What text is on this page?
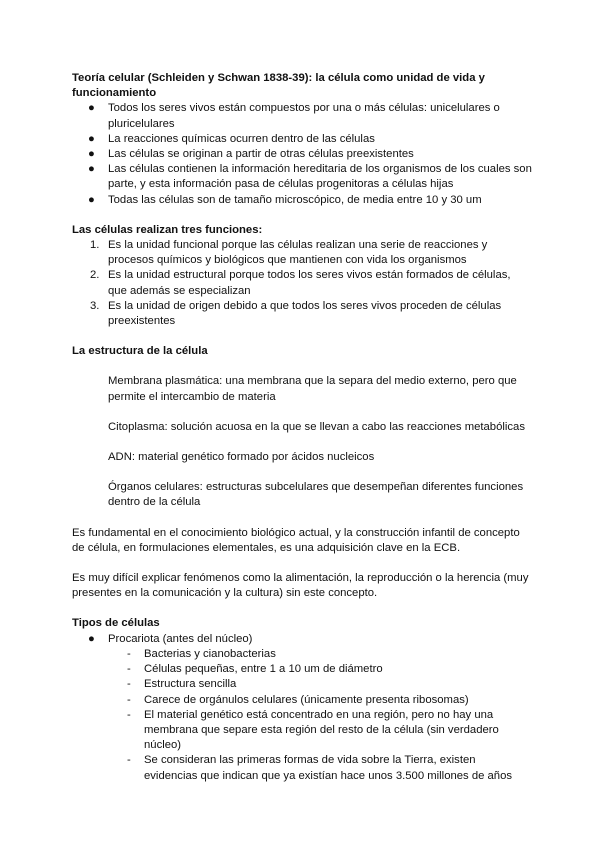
Teoría celular (Schleiden y Schwan 1838-39): la célula como unidad de vida y funcionamiento
● Todos los seres vivos están compuestos por una o más células: unicelulares o pluricelulares
● La reacciones químicas ocurren dentro de las células
● Las células se originan a partir de otras células preexistentes
● Las células contienen la información hereditaria de los organismos de los cuales son parte, y esta información pasa de células progenitoras a células hijas
● Todas las células son de tamaño microscópico, de media entre 10 y 30 um
Las células realizan tres funciones:
1. Es la unidad funcional porque las células realizan una serie de reacciones y procesos químicos y biológicos que mantienen con vida los organismos
2. Es la unidad estructural porque todos los seres vivos están formados de células, que además se especializan
3. Es la unidad de origen debido a que todos los seres vivos proceden de células preexistentes
La estructura de la célula

Membrana plasmática: una membrana que la separa del medio externo, pero que permite el intercambio de materia

Citoplasma: solución acuosa en la que se llevan a cabo las reacciones metabólicas

ADN: material genético formado por ácidos nucleicos

Órganos celulares: estructuras subcelulares que desempeñan diferentes funciones dentro de la célula

Es fundamental en el conocimiento biológico actual, y la construcción infantil de concepto de célula, en formulaciones elementales, es una adquisición clave en la ECB.

Es muy difícil explicar fenómenos como la alimentación, la reproducción o la herencia (muy presentes en la comunicación y la cultura) sin este concepto.

Tipos de células
● Procariota (antes del núcleo)
- Bacterias y cianobacterias
- Células pequeñas, entre 1 a 10 um de diámetro
- Estructura sencilla
- Carece de orgánulos celulares (únicamente presenta ribosomas)
- El material genético está concentrado en una región, pero no hay una membrana que separe esta región del resto de la célula (sin verdadero núcleo)
- Se consideran las primeras formas de vida sobre la Tierra, existen evidencias que indican que ya existían hace unos 3.500 millones de años
